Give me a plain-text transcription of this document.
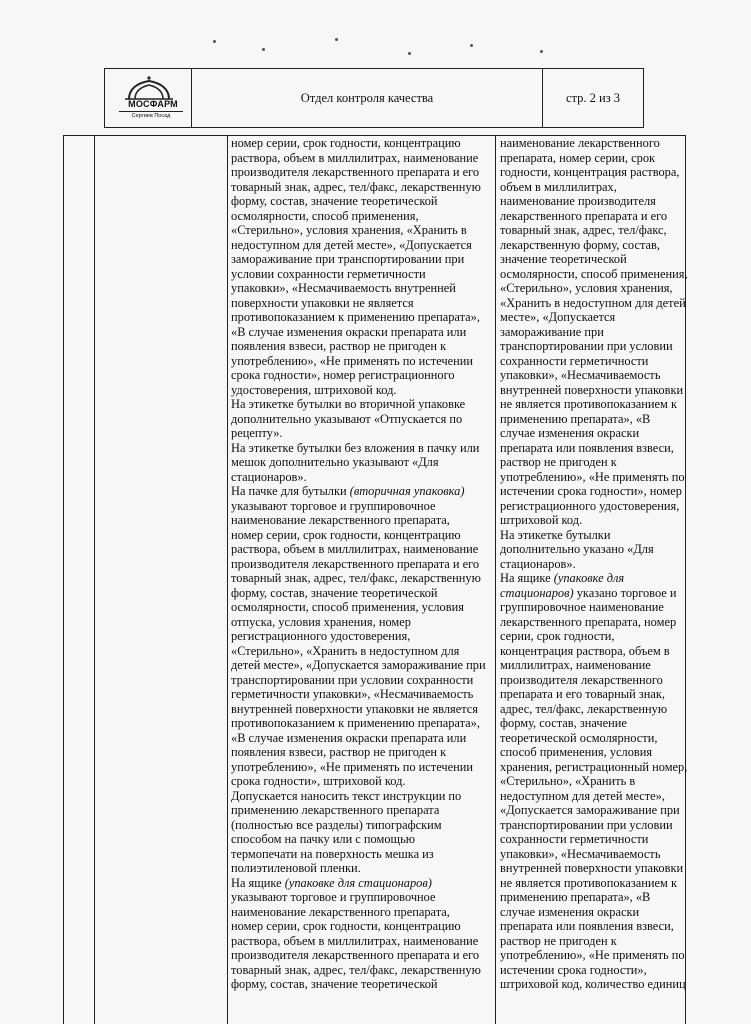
МОСФАРМ
Сергиев Посад
Отдел контроля качества	стр. 2 из 3
номер серии, срок годности, концентрацию
раствора, объем в миллилитрах, наименование
производителя лекарственного препарата и его
товарный знак, адрес, тел/факс, лекарственную
форму, состав, значение теоретической
осмолярности, способ применения,
«Стерильно», условия хранения, «Хранить в
недоступном для детей месте», «Допускается
замораживание при транспортировании при
условии сохранности герметичности
упаковки», «Несмачиваемость внутренней
поверхности упаковки не является
противопоказанием к применению препарата»,
«В случае изменения окраски препарата или
появления взвеси, раствор не пригоден к
употреблению», «Не применять по истечении
срока годности», номер регистрационного
удостоверения, штриховой код.
На этикетке бутылки во вторичной упаковке
дополнительно указывают «Отпускается по
рецепту».
На этикетке бутылки без вложения в пачку или
мешок дополнительно указывают «Для
стационаров».
На пачке для бутылки (вторичная упаковка)
указывают торговое и группировочное
наименование лекарственного препарата,
номер серии, срок годности, концентрацию
раствора, объем в миллилитрах, наименование
производителя лекарственного препарата и его
товарный знак, адрес, тел/факс, лекарственную
форму, состав, значение теоретической
осмолярности, способ применения, условия
отпуска, условия хранения, номер
регистрационного удостоверения,
«Стерильно», «Хранить в недоступном для
детей месте», «Допускается замораживание при
транспортировании при условии сохранности
герметичности упаковки», «Несмачиваемость
внутренней поверхности упаковки не является
противопоказанием к применению препарата»,
«В случае изменения окраски препарата или
появления взвеси, раствор не пригоден к
употреблению», «Не применять по истечении
срока годности», штриховой код.
Допускается наносить текст инструкции по
применению лекарственного препарата
(полностью все разделы) типографским
способом на пачку или с помощью
термопечати на поверхность мешка из
полиэтиленовой пленки.
На ящике (упаковке для стационаров)
указывают торговое и группировочное
наименование лекарственного препарата,
номер серии, срок годности, концентрацию
раствора, объем в миллилитрах, наименование
производителя лекарственного препарата и его
товарный знак, адрес, тел/факс, лекарственную
форму, состав, значение теоретической
наименование лекарственного
препарата, номер серии, срок
годности, концентрация раствора,
объем в миллилитрах,
наименование производителя
лекарственного препарата и его
товарный знак, адрес, тел/факс,
лекарственную форму, состав,
значение теоретической
осмолярности, способ применения,
«Стерильно», условия хранения,
«Хранить в недоступном для детей
месте», «Допускается
замораживание при
транспортировании при условии
сохранности герметичности
упаковки», «Несмачиваемость
внутренней поверхности упаковки
не является противопоказанием к
применению препарата», «В
случае изменения окраски
препарата или появления взвеси,
раствор не пригоден к
употреблению», «Не применять по
истечении срока годности», номер
регистрационного удостоверения,
штриховой код.
На этикетке бутылки
дополнительно указано «Для
стационаров».
На ящике (упаковке для
стационаров) указано торговое и
группировочное наименование
лекарственного препарата, номер
серии, срок годности,
концентрация раствора, объем в
миллилитрах, наименование
производителя лекарственного
препарата и его товарный знак,
адрес, тел/факс, лекарственную
форму, состав, значение
теоретической осмолярности,
способ применения, условия
хранения, регистрационный номер,
«Стерильно», «Хранить в
недоступном для детей месте»,
«Допускается замораживание при
транспортировании при условии
сохранности герметичности
упаковки», «Несмачиваемость
внутренней поверхности упаковки
не является противопоказанием к
применению препарата», «В
случае изменения окраски
препарата или появления взвеси,
раствор не пригоден к
употреблению», «Не применять по
истечении срока годности»,
штриховой код, количество единиц
